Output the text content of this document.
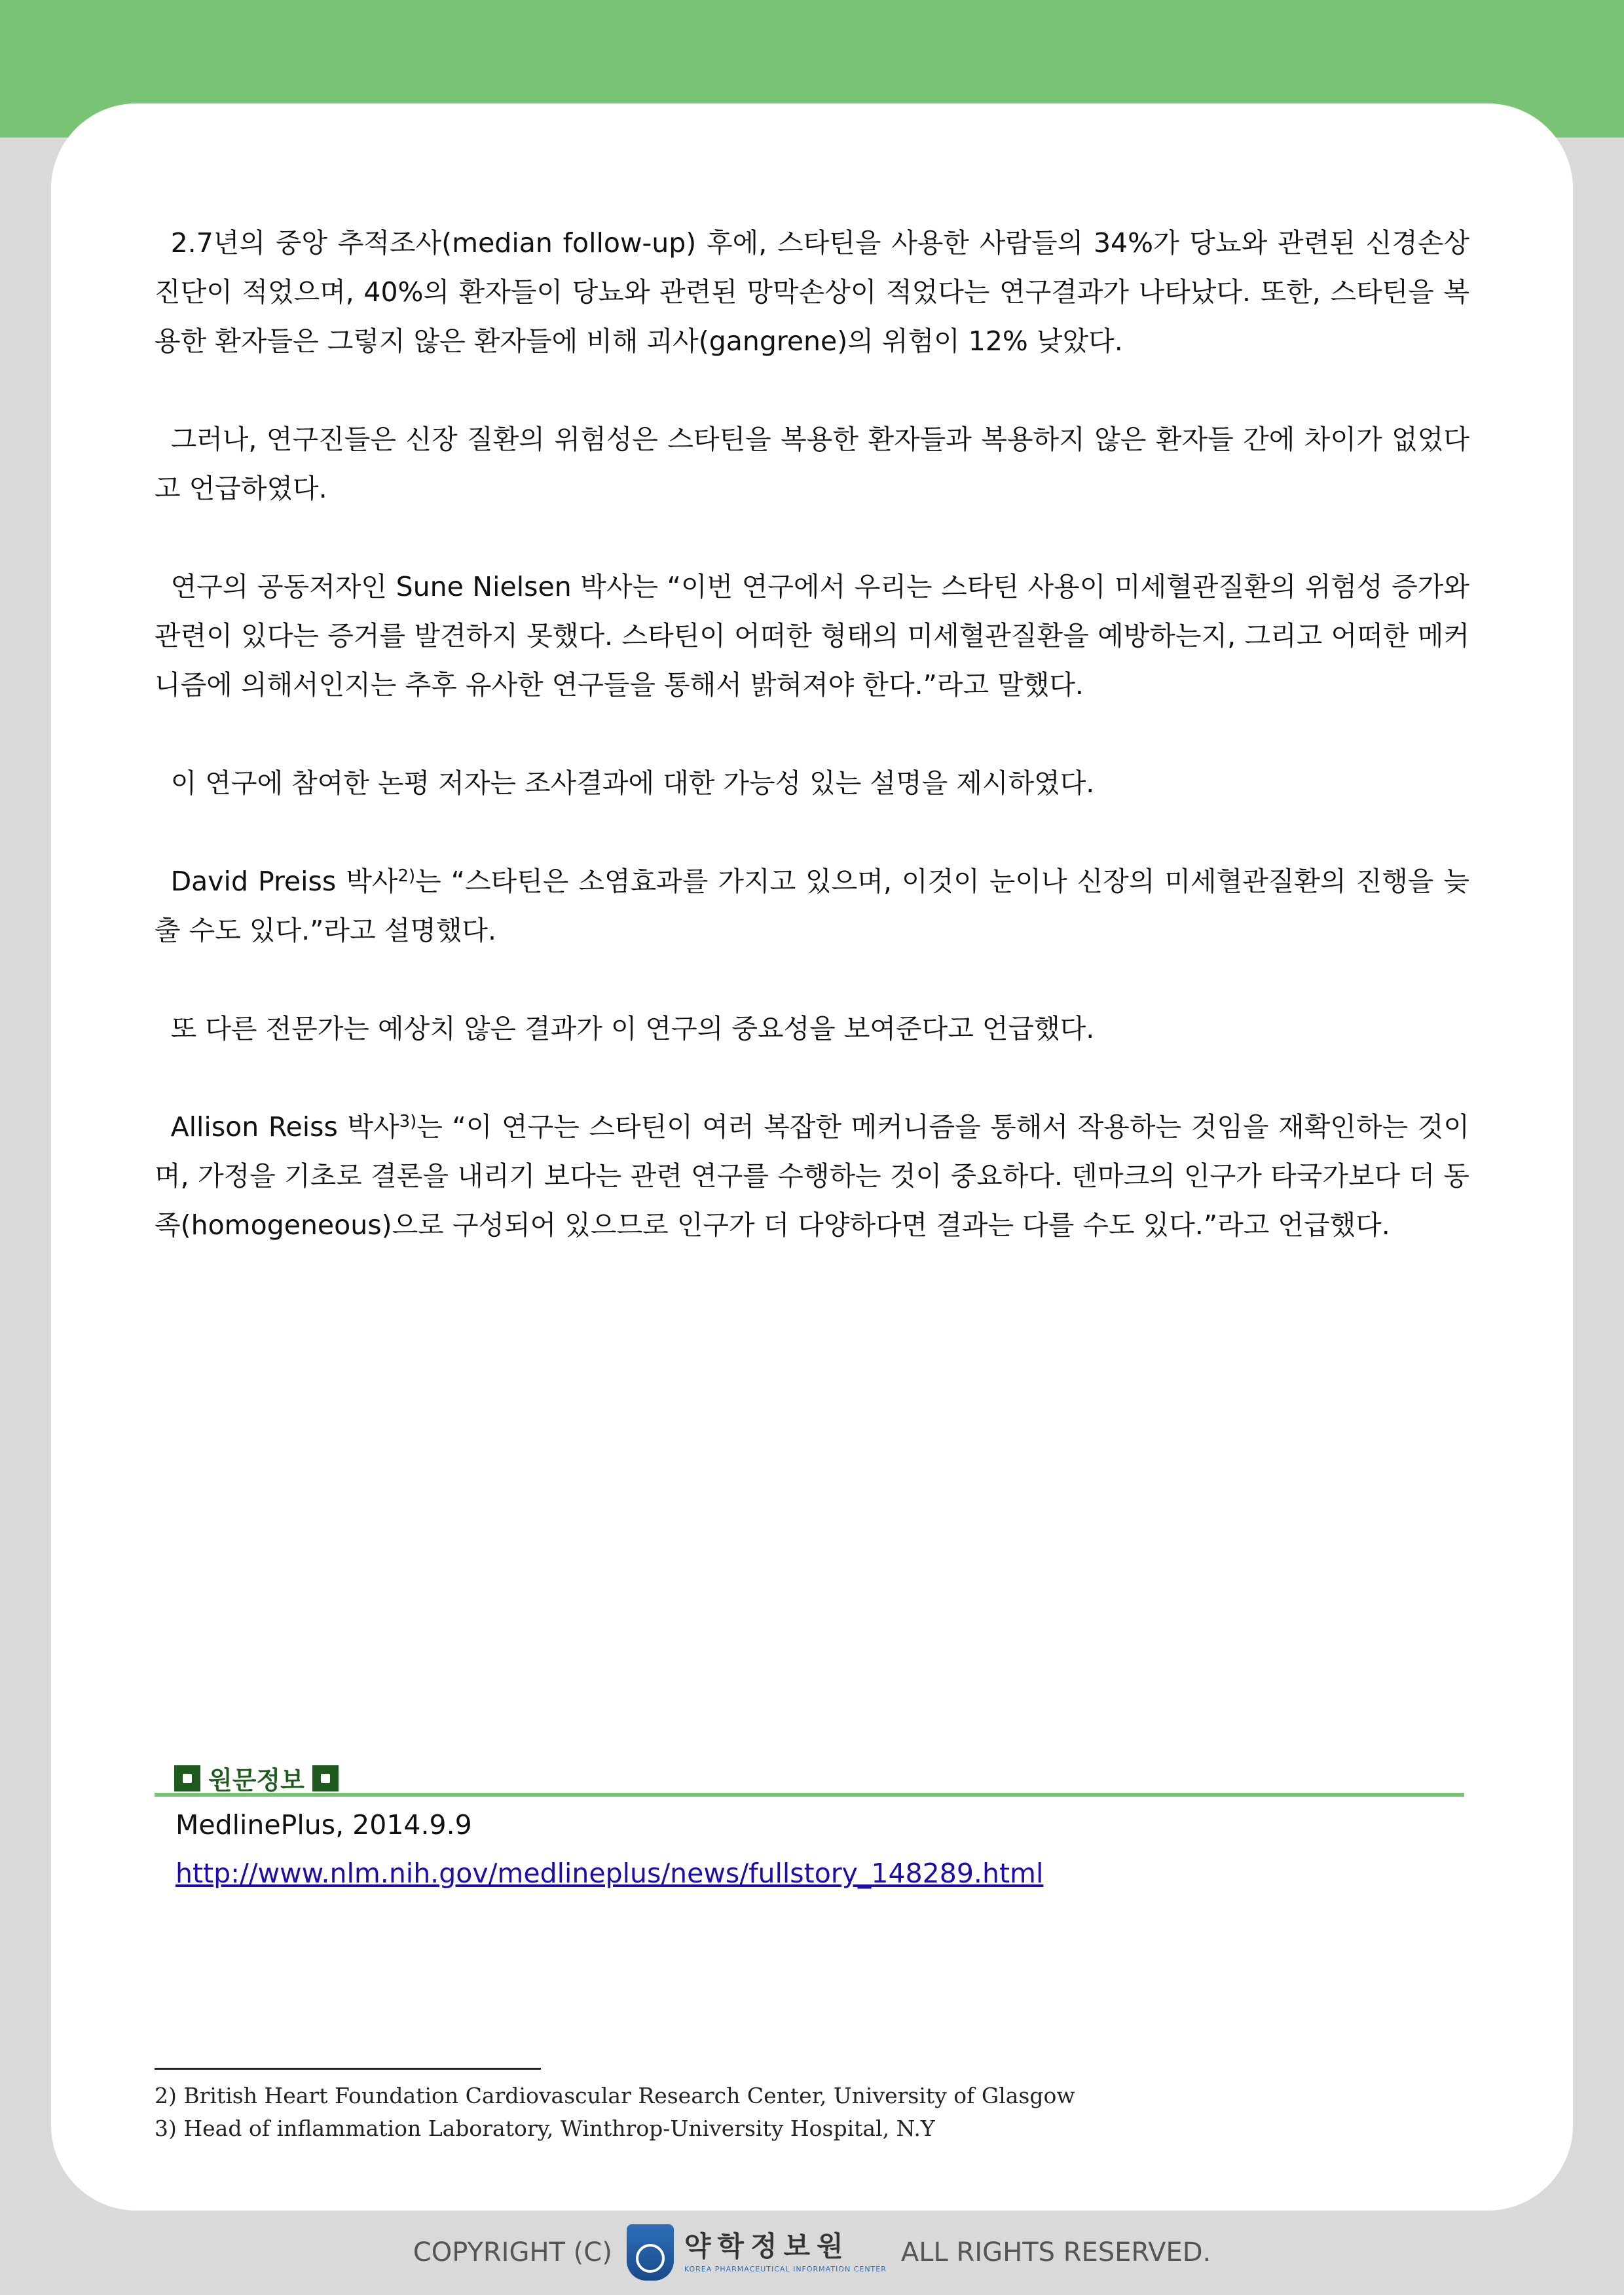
2.7년의 중앙 추적조사(median follow-up) 후에, 스타틴을 사용한 사람들의 34%가 당뇨와 관련된 신경손상 진단이 적었으며, 40%의 환자들이 당뇨와 관련된 망막손상이 적었다는 연구결과가 나타났다. 또한, 스타틴을 복용한 환자들은 그렇지 않은 환자들에 비해 괴사(gangrene)의 위험이 12% 낮았다.

그러나, 연구진들은 신장 질환의 위험성은 스타틴을 복용한 환자들과 복용하지 않은 환자들 간에 차이가 없었다고 언급하였다.

연구의 공동저자인 Sune Nielsen 박사는 “이번 연구에서 우리는 스타틴 사용이 미세혈관질환의 위험성 증가와 관련이 있다는 증거를 발견하지 못했다. 스타틴이 어떠한 형태의 미세혈관질환을 예방하는지, 그리고 어떠한 메커니즘에 의해서인지는 추후 유사한 연구들을 통해서 밝혀져야 한다.”라고 말했다.

이 연구에 참여한 논평 저자는 조사결과에 대한 가능성 있는 설명을 제시하였다.

David Preiss 박사$^{2)}$는 “스타틴은 소염효과를 가지고 있으며, 이것이 눈이나 신장의 미세혈관질환의 진행을 늦출 수도 있다.”라고 설명했다.

또 다른 전문가는 예상치 않은 결과가 이 연구의 중요성을 보여준다고 언급했다.

Allison Reiss 박사$^{3)}$는 “이 연구는 스타틴이 여러 복잡한 메커니즘을 통해서 작용하는 것임을 재확인하는 것이며, 가정을 기초로 결론을 내리기 보다는 관련 연구를 수행하는 것이 중요하다. 덴마크의 인구가 타국가보다 더 동족(homogeneous)으로 구성되어 있으므로 인구가 더 다양하다면 결과는 다를 수도 있다.”라고 언급했다.

원문정보
MedlinePlus, 2014.9.9
http://www.nlm.nih.gov/medlineplus/news/fullstory_148289.html
2) British Heart Foundation Cardiovascular Research Center, University of Glasgow
3) Head of inflammation Laboratory, Winthrop-University Hospital, N.Y
COPYRIGHT (C)	약학정보원
KOREA PHARMACEUTICAL INFORMATION CENTER
ALL RIGHTS RESERVED.
